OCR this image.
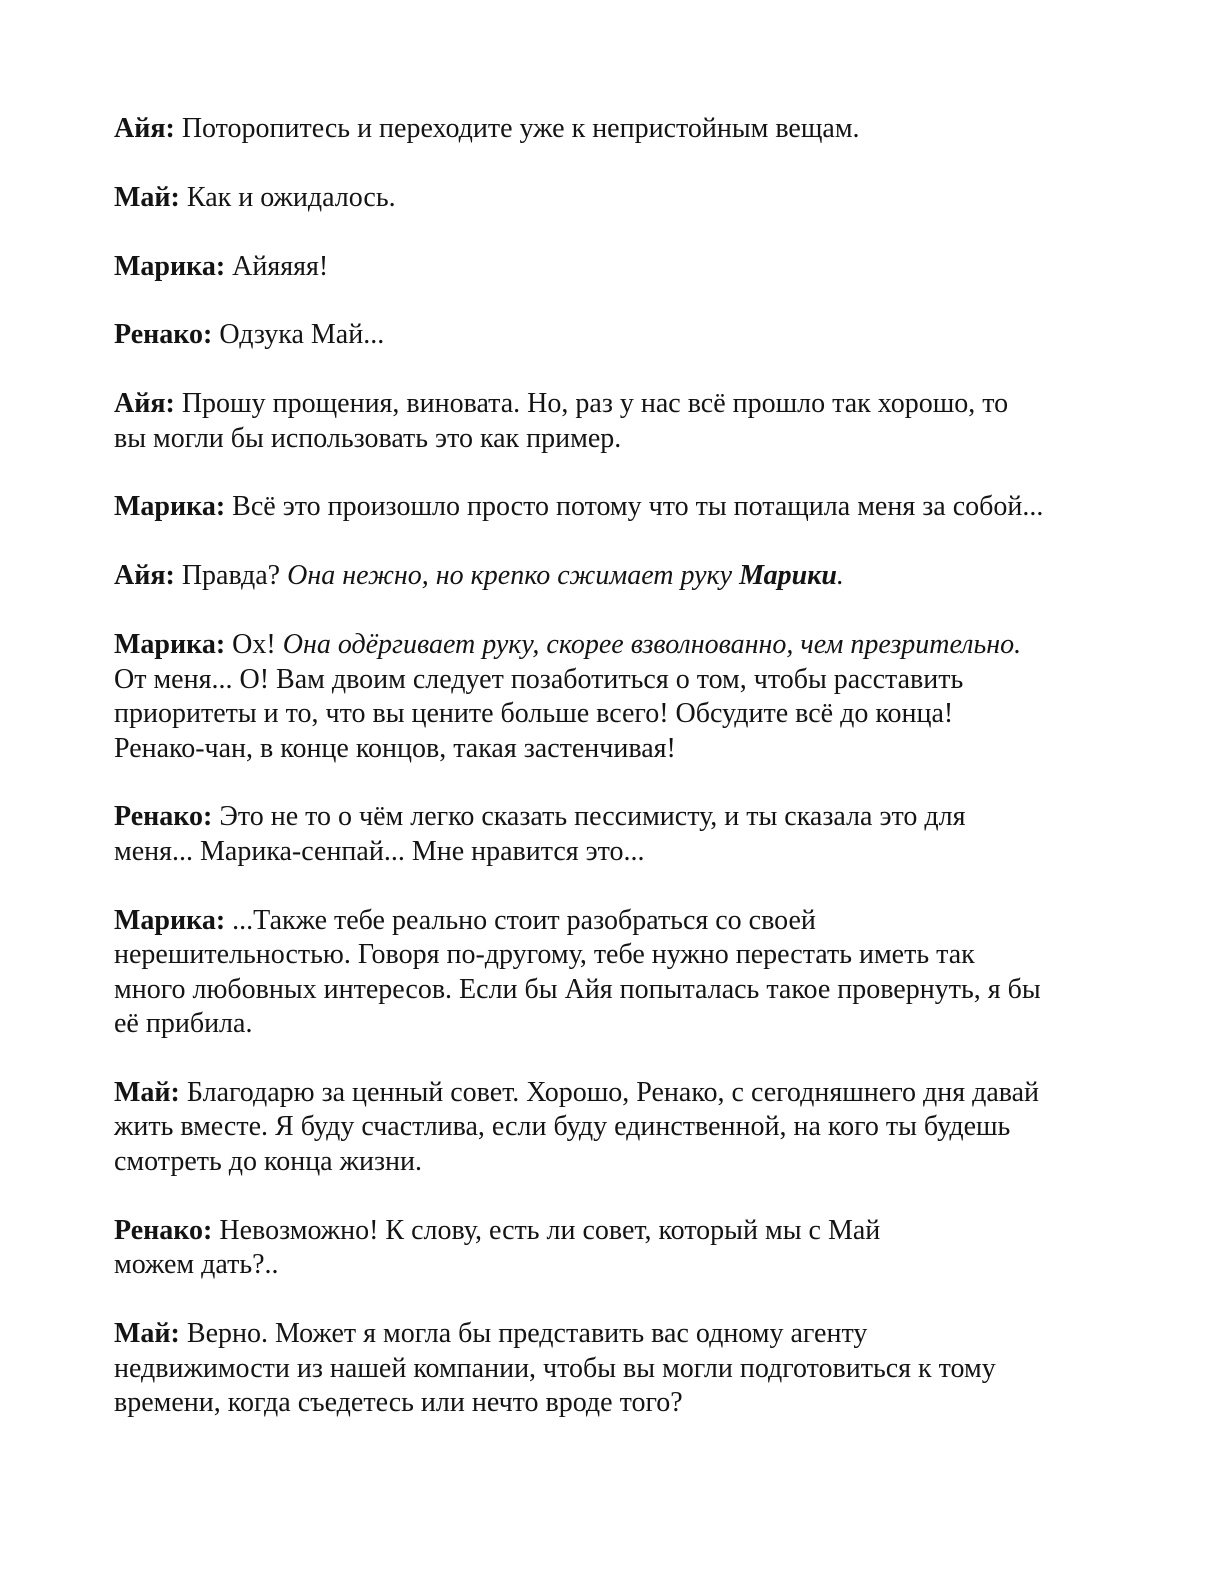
Айя: Поторопитесь и переходите уже к непристойным вещам.

Май: Как и ожидалось.

Марика: Айяяяя!

Ренако: Одзука Май...

Айя: Прошу прощения, виновата. Но, раз у нас всё прошло так хорошо, то
вы могли бы использовать это как пример.

Марика: Всё это произошло просто потому что ты потащила меня за собой...

Айя: Правда? Она нежно, но крепко сжимает руку Марики.

Марика: Ох! Она одёргивает руку, скорее взволнованно, чем презрительно.
От меня... О! Вам двоим следует позаботиться о том, чтобы расставить
приоритеты и то, что вы цените больше всего! Обсудите всё до конца!
Ренако-чан, в конце концов, такая застенчивая!

Ренако: Это не то о чём легко сказать пессимисту, и ты сказала это для
меня... Марика-сенпай... Мне нравится это...

Марика: ...Также тебе реально стоит разобраться со своей
нерешительностью. Говоря по-другому, тебе нужно перестать иметь так
много любовных интересов. Если бы Айя попыталась такое провернуть, я бы
её прибила.

Май: Благодарю за ценный совет. Хорошо, Ренако, с сегодняшнего дня давай
жить вместе. Я буду счастлива, если буду единственной, на кого ты будешь
смотреть до конца жизни.

Ренако: Невозможно! К слову, есть ли совет, который мы с Май
можем дать?..

Май: Верно. Может я могла бы представить вас одному агенту
недвижимости из нашей компании, чтобы вы могли подготовиться к тому
времени, когда съедетесь или нечто вроде того?
